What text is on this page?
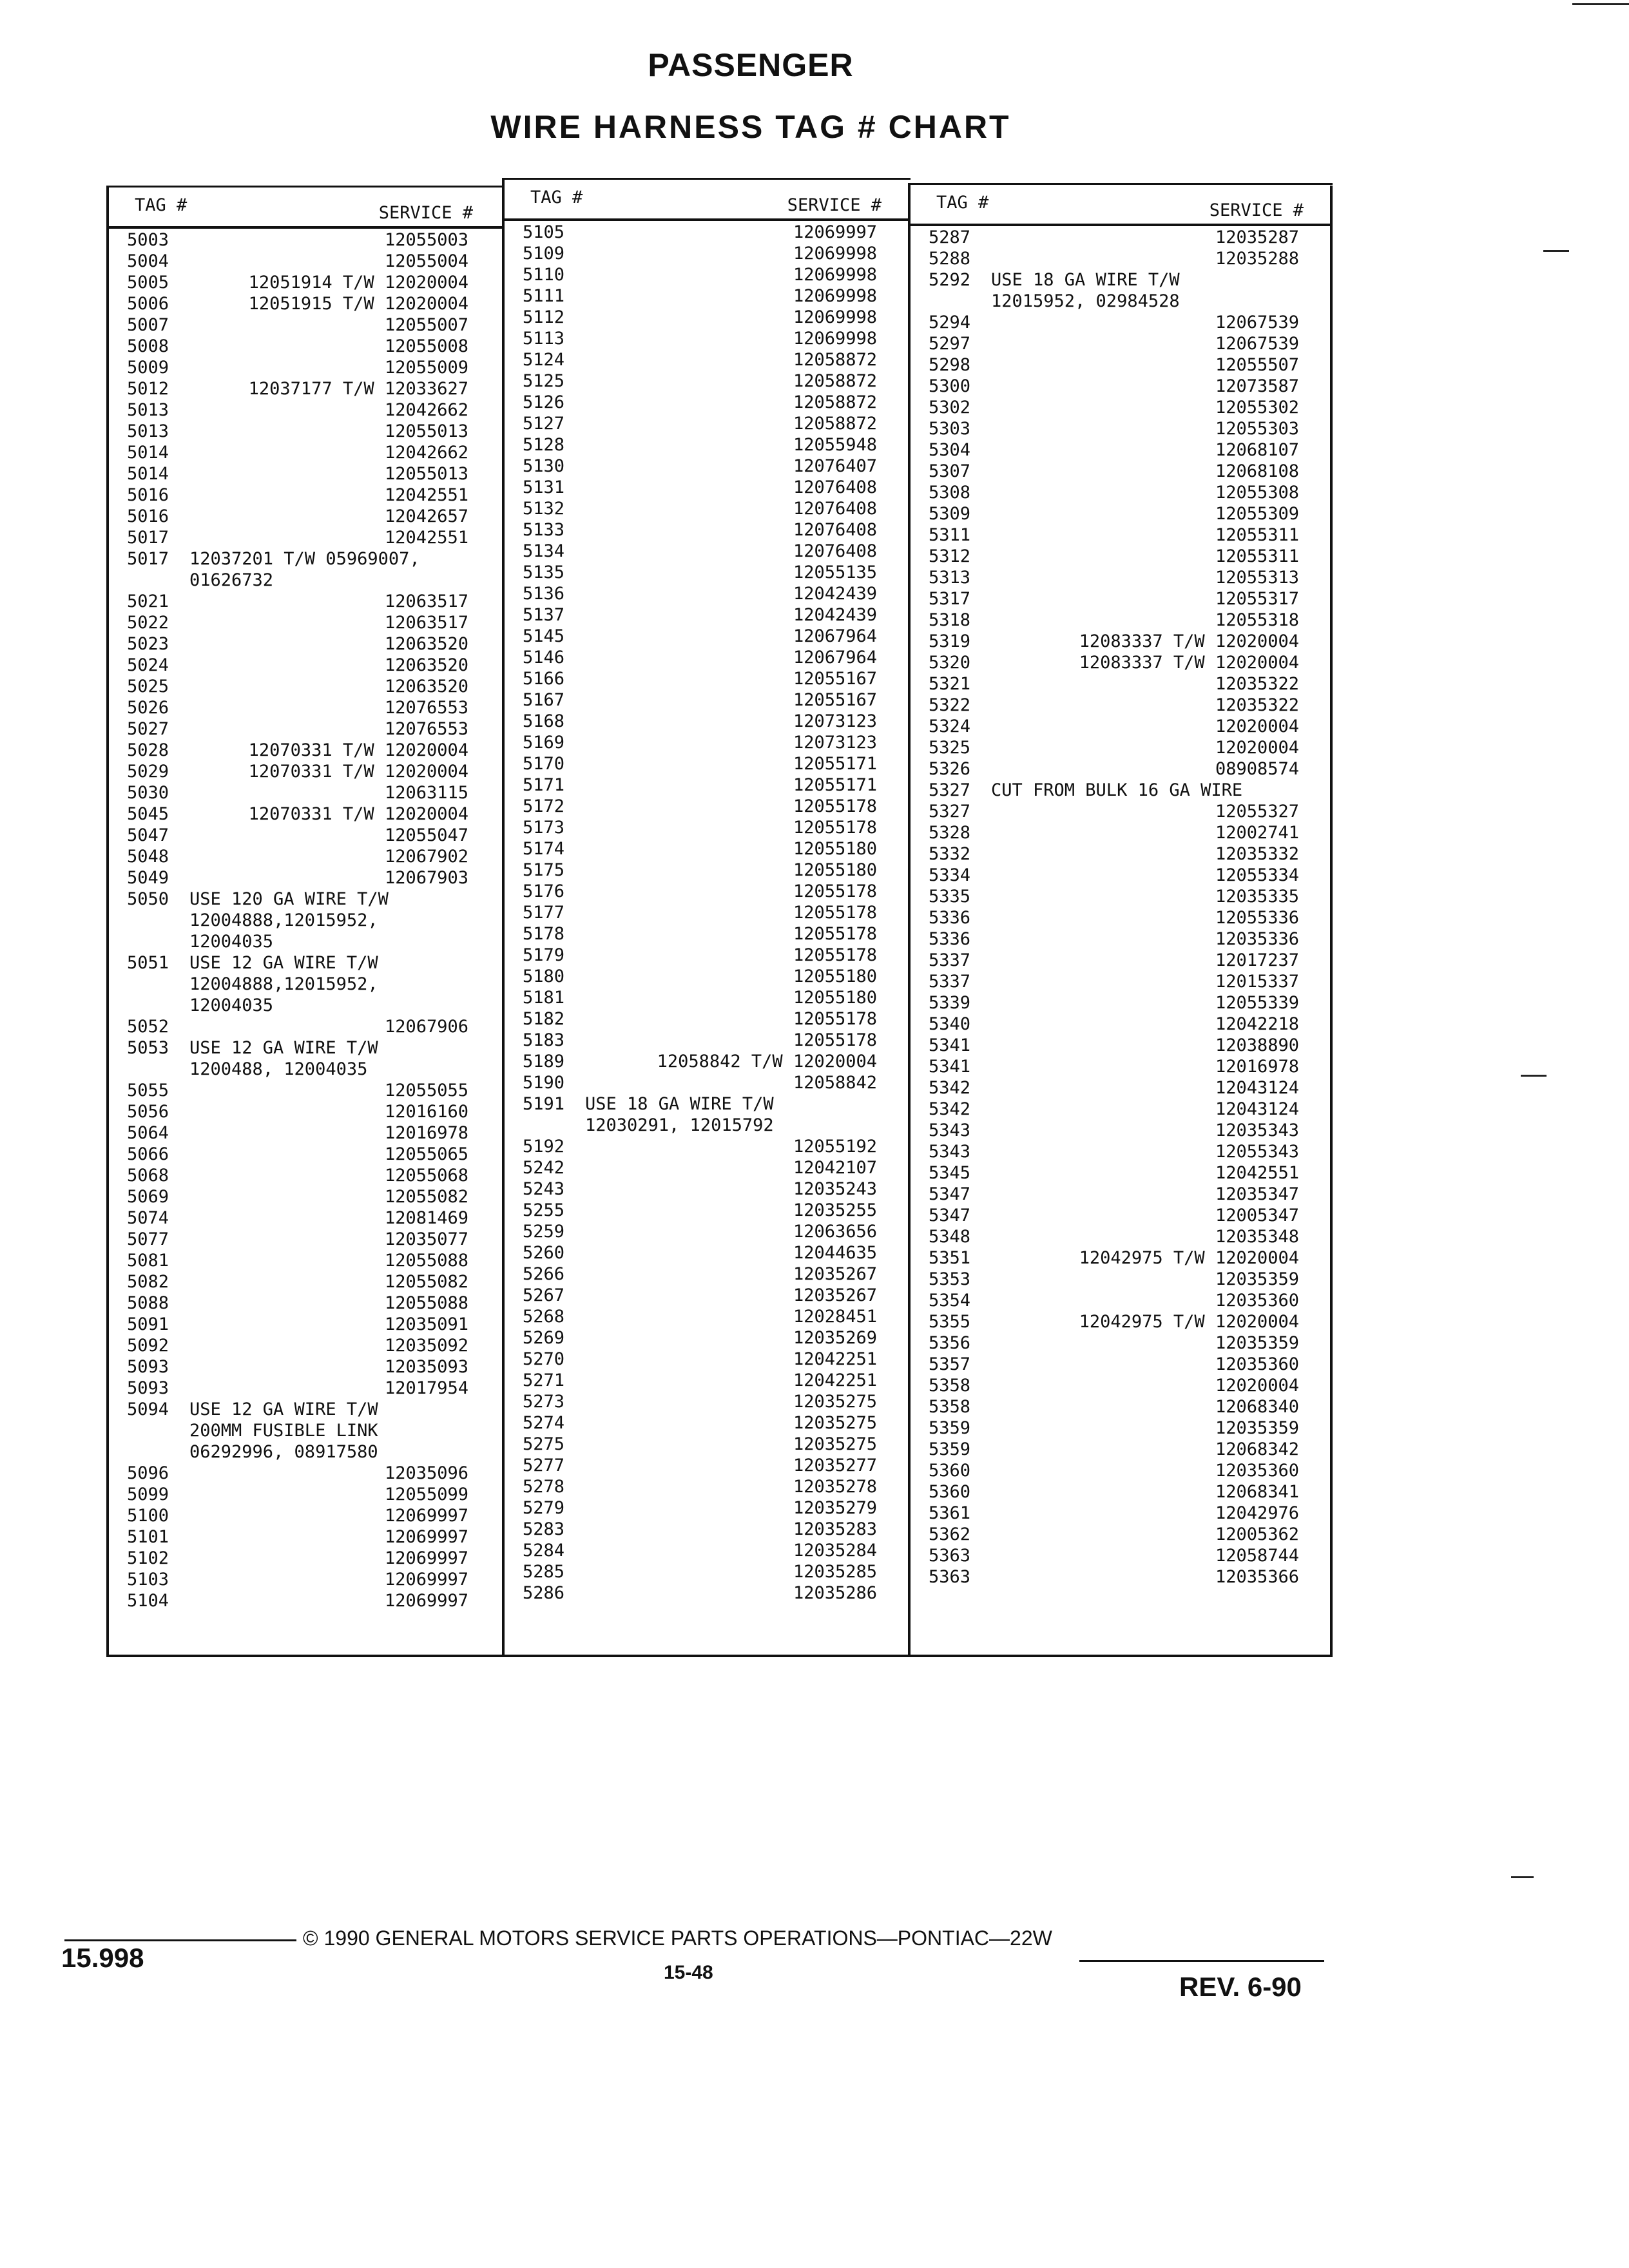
PASSENGER
WIRE HARNESS TAG # CHART
TAG #	SERVICE #
5003	12055003
5004	12055004
5005	12051914 T/W 12020004
5006	12051915 T/W 12020004
5007	12055007
5008	12055008
5009	12055009
5012	12037177 T/W 12033627
5013	12042662
5013	12055013
5014	12042662
5014	12055013
5016	12042551
5016	12042657
5017	12042551
5017 12037201 T/W 05969007,
01626732
5021	12063517
5022	12063517
5023	12063520
5024	12063520
5025	12063520
5026	12076553
5027	12076553
5028	12070331 T/W 12020004
5029	12070331 T/W 12020004
5030	12063115
5045	12070331 T/W 12020004
5047	12055047
5048	12067902
5049	12067903
5050 USE 120 GA WIRE T/W
12004888,12015952,
12004035
5051 USE 12 GA WIRE T/W
12004888,12015952,
12004035
5052	12067906
5053 USE 12 GA WIRE T/W
1200488, 12004035
5055	12055055
5056	12016160
5064	12016978
5066	12055065
5068	12055068
5069	12055082
5074	12081469
5077	12035077
5081	12055088
5082	12055082
5088	12055088
5091	12035091
5092	12035092
5093	12035093
5093	12017954
5094 USE 12 GA WIRE T/W
200MM FUSIBLE LINK
06292996, 08917580
5096	12035096
5099	12055099
5100	12069997
5101	12069997
5102	12069997
5103	12069997
5104	12069997
TAG #	SERVICE #
5105	12069997
5109	12069998
5110	12069998
5111	12069998
5112	12069998
5113	12069998
5124	12058872
5125	12058872
5126	12058872
5127	12058872
5128	12055948
5130	12076407
5131	12076408
5132	12076408
5133	12076408
5134	12076408
5135	12055135
5136	12042439
5137	12042439
5145	12067964
5146	12067964
5166	12055167
5167	12055167
5168	12073123
5169	12073123
5170	12055171
5171	12055171
5172	12055178
5173	12055178
5174	12055180
5175	12055180
5176	12055178
5177	12055178
5178	12055178
5179	12055178
5180	12055180
5181	12055180
5182	12055178
5183	12055178
5189	12058842 T/W 12020004
5190	12058842
5191 USE 18 GA WIRE T/W
12030291, 12015792
5192	12055192
5242	12042107
5243	12035243
5255	12035255
5259	12063656
5260	12044635
5266	12035267
5267	12035267
5268	12028451
5269	12035269
5270	12042251
5271	12042251
5273	12035275
5274	12035275
5275	12035275
5277	12035277
5278	12035278
5279	12035279
5283	12035283
5284	12035284
5285	12035285
5286	12035286
TAG #	SERVICE #
5287	12035287
5288	12035288
5292 USE 18 GA WIRE T/W
12015952, 02984528
5294	12067539
5297	12067539
5298	12055507
5300	12073587
5302	12055302
5303	12055303
5304	12068107
5307	12068108
5308	12055308
5309	12055309
5311	12055311
5312	12055311
5313	12055313
5317	12055317
5318	12055318
5319	12083337 T/W 12020004
5320	12083337 T/W 12020004
5321	12035322
5322	12035322
5324	12020004
5325	12020004
5326	08908574
5327 CUT FROM BULK 16 GA WIRE
5327	12055327
5328	12002741
5332	12035332
5334	12055334
5335	12035335
5336	12055336
5336	12035336
5337	12017237
5337	12015337
5339	12055339
5340	12042218
5341	12038890
5341	12016978
5342	12043124
5342	12043124
5343	12035343
5343	12055343
5345	12042551
5347	12035347
5347	12005347
5348	12035348
5351	12042975 T/W 12020004
5353	12035359
5354	12035360
5355	12042975 T/W 12020004
5356	12035359
5357	12035360
5358	12020004
5358	12068340
5359	12035359
5359	12068342
5360	12035360
5360	12068341
5361	12042976
5362	12005362
5363	12058744
5363	12035366
15.998
© 1990 GENERAL MOTORS SERVICE PARTS OPERATIONS—PONTIAC—22W
15-48	REV. 6-90
